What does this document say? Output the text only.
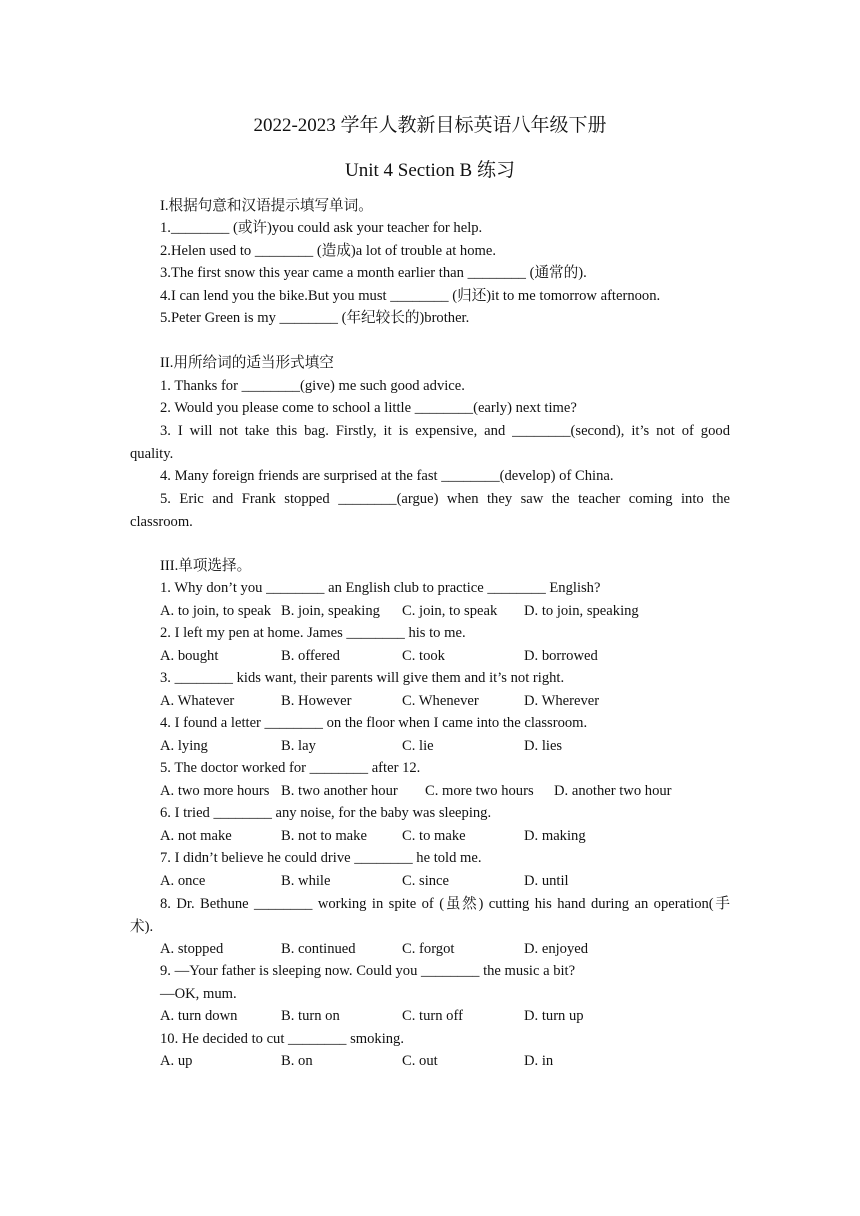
2022-2023 学年人教新目标英语八年级下册
Unit 4 Section B 练习
I.根据句意和汉语提示填写单词。
1.________ (或许)you could ask your teacher for help.
2.Helen used to ________ (造成)a lot of trouble at home.
3.The first snow this year came a month earlier than ________ (通常的).
4.I can lend you the bike.But you must ________ (归还)it to me tomorrow afternoon.
5.Peter Green is my ________ (年纪较长的)brother.
II.用所给词的适当形式填空
1. Thanks for ________(give) me such good advice.
2. Would you please come to school a little ________(early) next time?
3. I will not take this bag. Firstly, it is expensive, and ________(second), it’s not of good
quality.
4. Many foreign friends are surprised at the fast ________(develop) of China.
5. Eric and Frank stopped ________(argue) when they saw the teacher coming into the
classroom.
III.单项选择。
1. Why don’t you ________ an English club to practice ________ English?
A. to join, to speak B. join, speaking C. join, to speak D. to join, speaking
2. I left my pen at home. James ________ his to me.
A. bought	B. offered	C. took	D. borrowed
3. ________ kids want, their parents will give them and it’s not right.
A. Whatever	B. However	C. Whenever	D. Wherever
4. I found a letter ________ on the floor when I came into the classroom.
A. lying	B. lay	C. lie	D. lies
5. The doctor worked for ________ after 12.
A. two more hours B. two another hour C. more two hours D. another two hour
6. I tried ________ any noise, for the baby was sleeping.
A. not make	B. not to make C. to make	D. making
7. I didn’t believe he could drive ________ he told me.
A. once	B. while	C. since	D. until
8. Dr. Bethune ________ working in spite of (虽然) cutting his hand during an operation(手
术).
A. stopped	B. continued	C. forgot	D. enjoyed
9. —Your father is sleeping now. Could you ________ the music a bit?
—OK, mum.
A. turn down	B. turn on	C. turn off	D. turn up
10. He decided to cut ________ smoking.
A. up	B. on	C. out	D. in
